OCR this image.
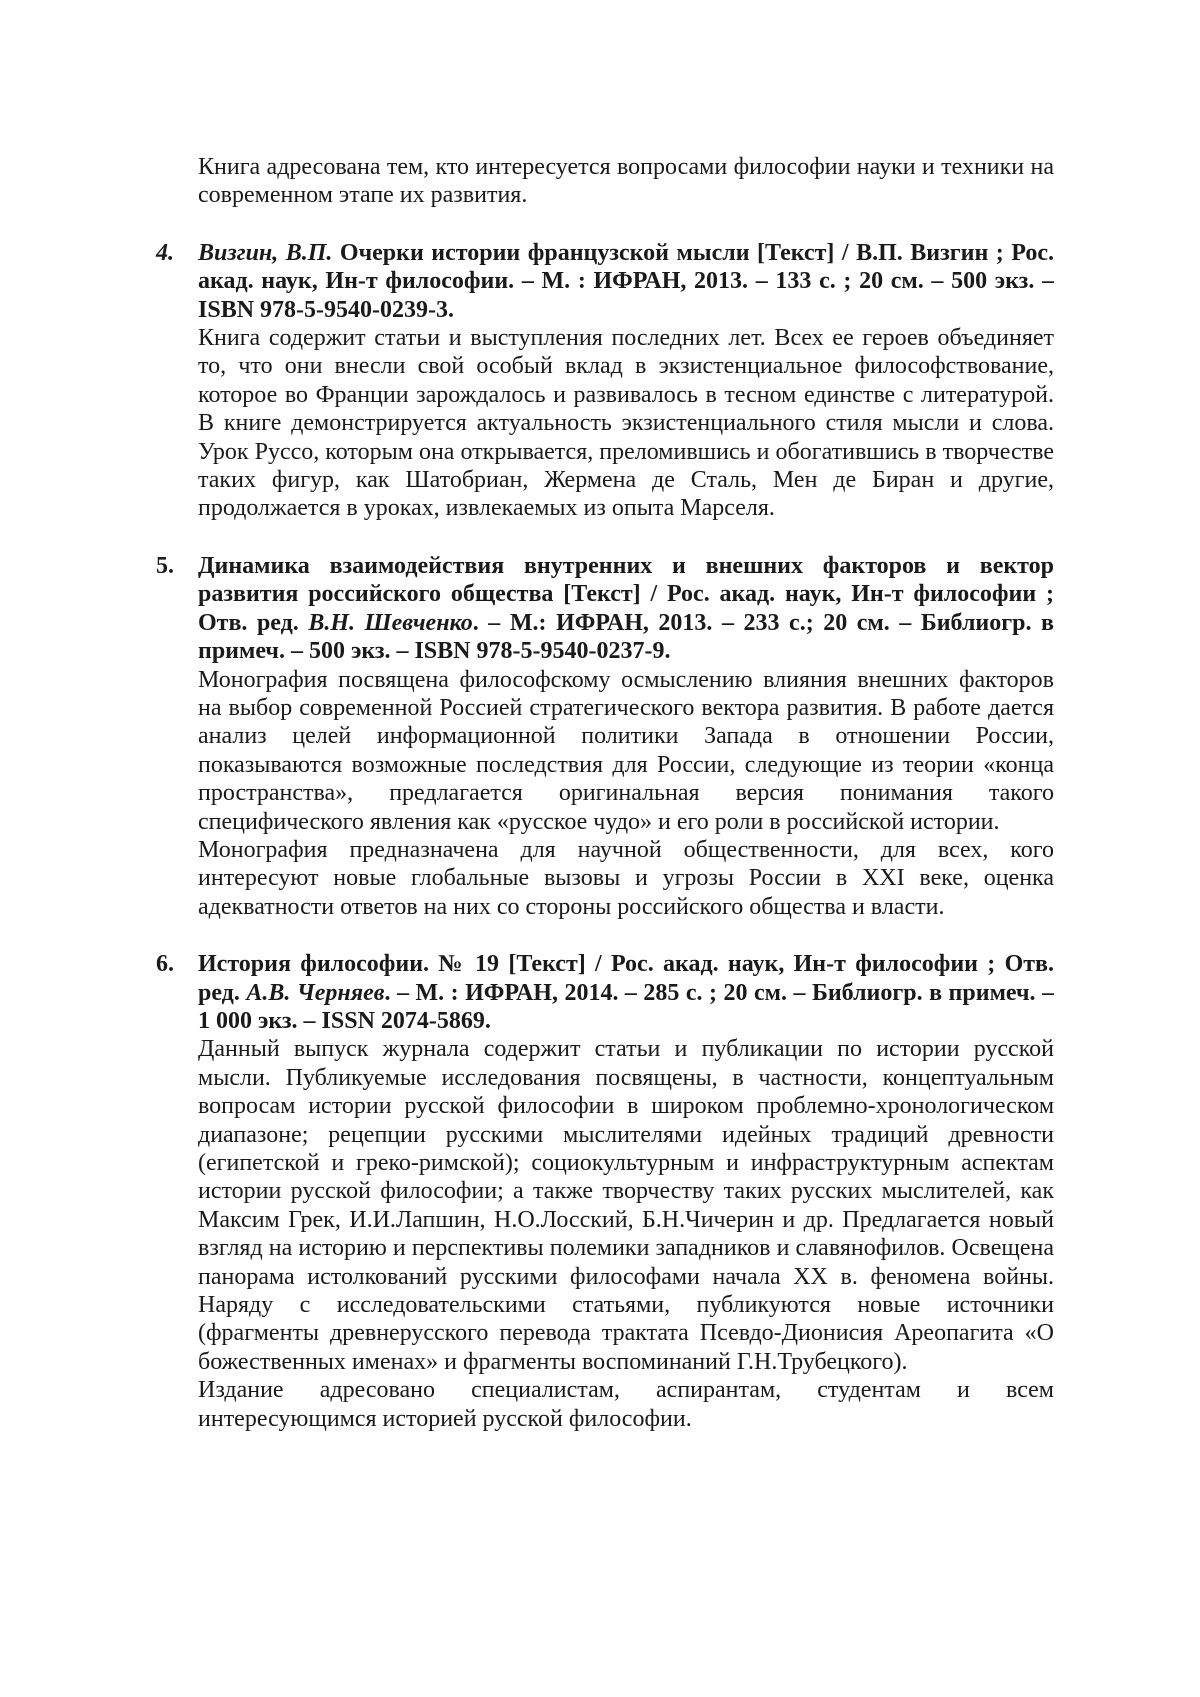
Книга адресована тем, кто интересуется вопросами философии науки и техники на современном этапе их развития.

4. Визгин, В.П. Очерки истории французской мысли [Текст] / В.П. Визгин ; Рос. акад. наук, Ин-т философии. – М. : ИФРАН, 2013. – 133 с. ; 20 см. – 500 экз. – ISBN 978-5-9540-0239-3.

Книга содержит статьи и выступления последних лет. Всех ее героев объединяет то, что они внесли свой особый вклад в экзистенциальное философствование, которое во Франции зарождалось и развивалось в тесном единстве с литературой. В книге демонстрируется актуальность экзистенциального стиля мысли и слова. Урок Руссо, которым она открывается, преломившись и обогатившись в творчестве таких фигур, как Шатобриан, Жермена де Сталь, Мен де Биран и другие, продолжается в уроках, извлекаемых из опыта Марселя.

5. Динамика взаимодействия внутренних и внешних факторов и вектор развития российского общества [Текст] / Рос. акад. наук, Ин-т философии ; Отв. ред. В.Н. Шевченко. – М.: ИФРАН, 2013. – 233 с.; 20 см. – Библиогр. в примеч. – 500 экз. – ISBN 978-5-9540-0237-9.

Монография посвящена философскому осмыслению влияния внешних факторов на выбор современной Россией стратегического вектора развития. В работе дается анализ целей информационной политики Запада в отношении России, показываются возможные последствия для России, следующие из теории «конца пространства», предлагается оригинальная версия понимания такого специфического явления как «русское чудо» и его роли в российской истории.

Монография предназначена для научной общественности, для всех, кого интересуют новые глобальные вызовы и угрозы России в XXI веке, оценка адекватности ответов на них со стороны российского общества и власти.

6. История философии. № 19 [Текст] / Рос. акад. наук, Ин-т философии ; Отв. ред. А.В. Черняев. – М. : ИФРАН, 2014. – 285 с. ; 20 см. – Библиогр. в примеч. – 1 000 экз. – ISSN 2074-5869.

Данный выпуск журнала содержит статьи и публикации по истории русской мысли. Публикуемые исследования посвящены, в частности, концептуальным вопросам истории русской философии в широком проблемно-хронологическом диапазоне; рецепции русскими мыслителями идейных традиций древности (египетской и греко-римской); социокультурным и инфраструктурным аспектам истории русской философии; а также творчеству таких русских мыслителей, как Максим Грек, И.И.Лапшин, Н.О.Лосский, Б.Н.Чичерин и др. Предлагается новый взгляд на историю и перспективы полемики западников и славянофилов. Освещена панорама истолкований русскими философами начала XX в. феномена войны. Наряду с исследовательскими статьями, публикуются новые источники (фрагменты древнерусского перевода трактата Псевдо-Дионисия Ареопагита «О божественных именах» и фрагменты воспоминаний Г.Н.Трубецкого).

Издание адресовано специалистам, аспирантам, студентам и всем интересующимся историей русской философии.
